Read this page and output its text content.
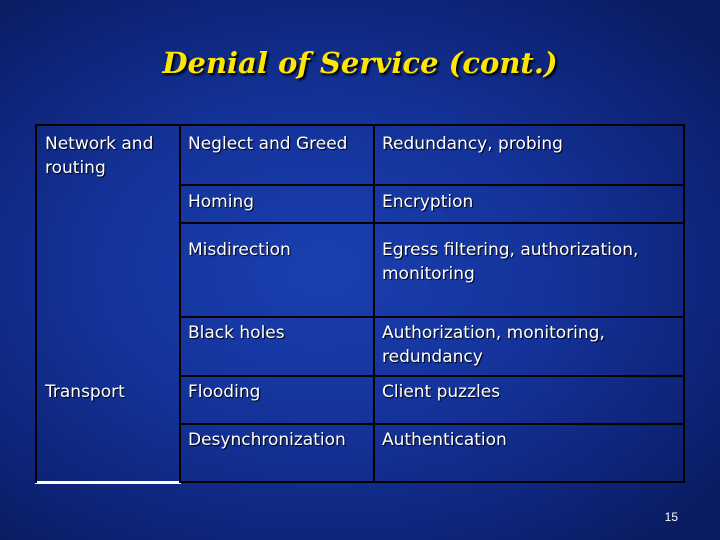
Denial of Service (cont.)
Network and
routing
Transport
Neglect and Greed
Homing
Misdirection
Black holes
Flooding
Desynchronization
Redundancy, probing
Encryption
Egress filtering, authorization,
monitoring
Authorization, monitoring,
redundancy
Client puzzles
Authentication
15
